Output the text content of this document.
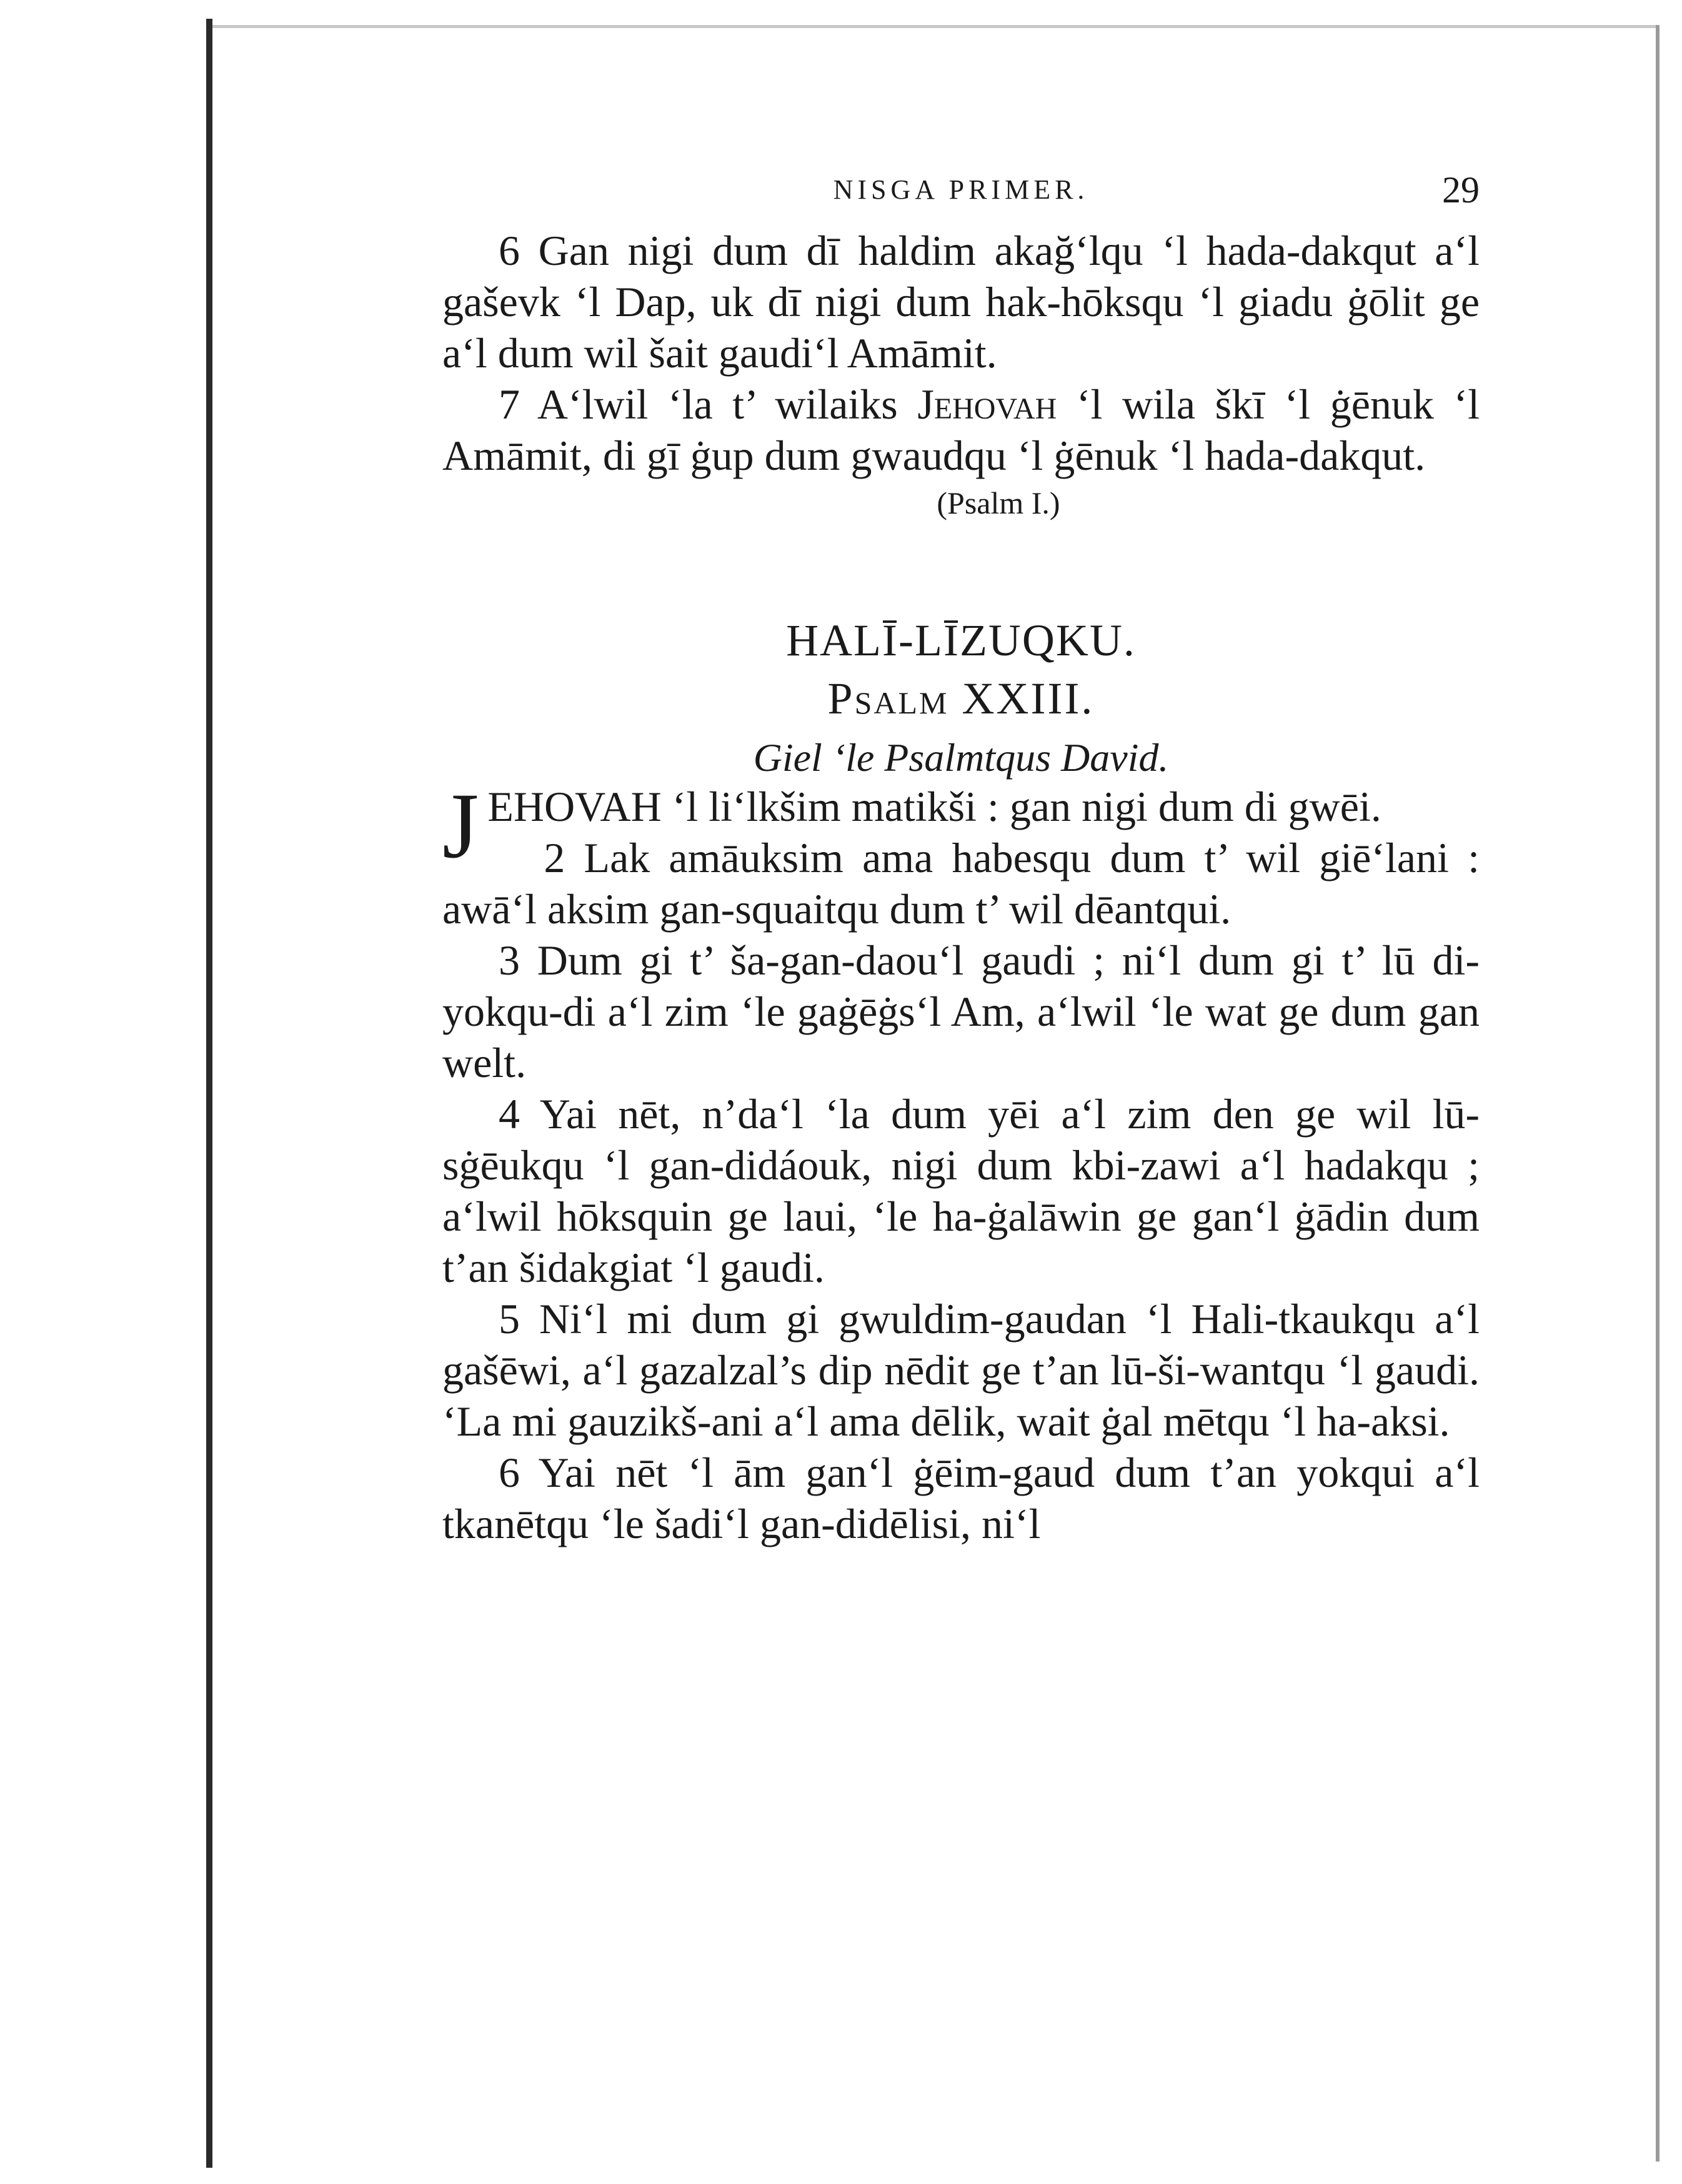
NISGA PRIMER.	29

6 Gan nigi dum dī haldim akağ‘lqu ‘l hada-dakqut a‘l gaševk ‘l Dap, uk dī nigi dum hak-hōksqu ‘l giadu ġōlit ge a‘l dum wil šait gaudi‘l Amāmit.

7 A‘lwil ‘la t’ wilaiks Jehovah ‘l wila škī ‘l ġēnuk ‘l Amāmit, di gī ġup dum gwaudqu ‘l ġēnuk ‘l hada-dakqut.

(Psalm I.)

HALĪ-LĪZUQKU.
Psalm XXIII.
Giel ‘le Psalmtqus David.

JEHOVAH ‘l li‘lkšim matikši : gan nigi dum di gwēi.

2 Lak amāuksim ama habesqu dum t’ wil giē‘lani : awā‘l aksim gan-squaitqu dum t’ wil dēantqui.

3 Dum gi t’ ša-gan-daou‘l gaudi ; ni‘l dum gi t’ lū di-yokqu-di a‘l zim ‘le gaġēġs‘l Am, a‘lwil ‘le wat ge dum gan welt.

4 Yai nēt, n’da‘l ‘la dum yēi a‘l zim den ge wil lū-sġēukqu ‘l gan-didáouk, nigi dum kbi-zawi a‘l hadakqu ; a‘lwil hōksquin ge laui, ‘le ha-ġalāwin ge gan‘l ġādin dum t’an šidakgiat ‘l gaudi.

5 Ni‘l mi dum gi gwuldim-gaudan ‘l Hali-tkaukqu a‘l gašēwi, a‘l gazalzal’s dip nēdit ge t’an lū-ši-wantqu ‘l gaudi. ‘La mi gauzikš-ani a‘l ama dēlik, wait ġal mētqu ‘l ha-aksi.

6 Yai nēt ‘l ām gan‘l ġēim-gaud dum t’an yokqui a‘l tkanētqu ‘le šadi‘l gan-didēlisi, ni‘l
